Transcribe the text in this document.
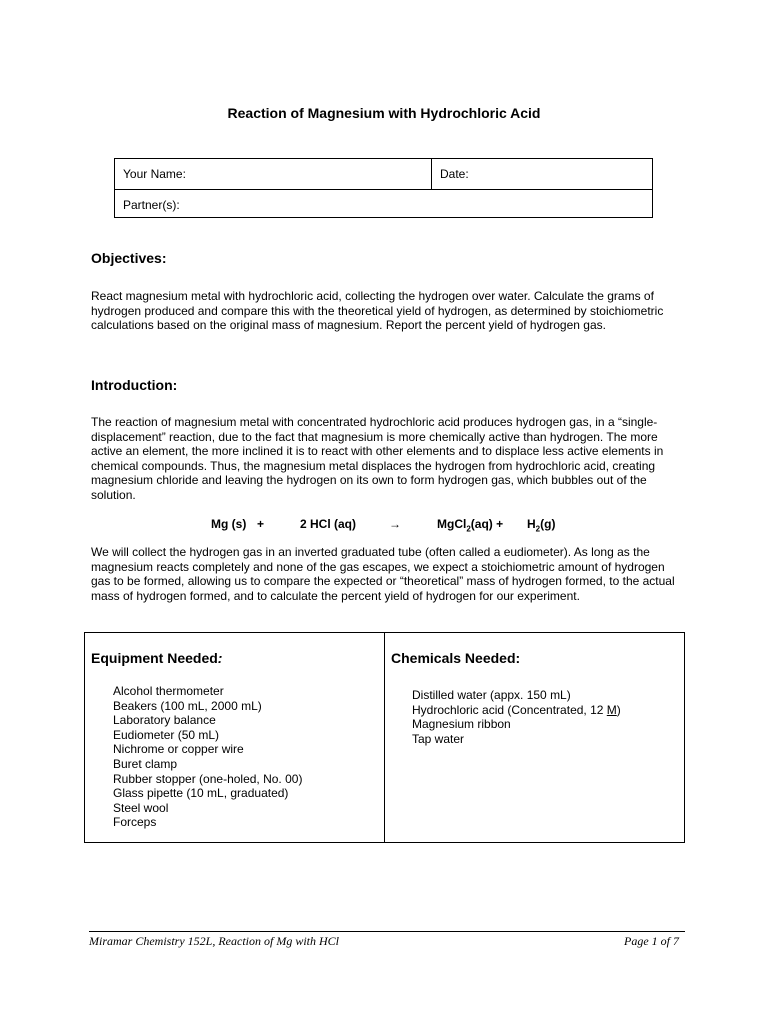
Reaction of Magnesium with Hydrochloric Acid
Your Name:	Date:
Partner(s):
Objectives:
React magnesium metal with hydrochloric acid, collecting the hydrogen over water. Calculate the grams of hydrogen produced and compare this with the theoretical yield of hydrogen, as determined by stoichiometric calculations based on the original mass of magnesium. Report the percent yield of hydrogen gas.
Introduction:
The reaction of magnesium metal with concentrated hydrochloric acid produces hydrogen gas, in a “single-displacement” reaction, due to the fact that magnesium is more chemically active than hydrogen. The more active an element, the more inclined it is to react with other elements and to displace less active elements in chemical compounds. Thus, the magnesium metal displaces the hydrogen from hydrochloric acid, creating magnesium chloride and leaving the hydrogen on its own to form hydrogen gas, which bubbles out of the solution.
Mg (s) +	2 HCl (aq)	→	MgCl$_2$(aq) + $H_2(g)$
We will collect the hydrogen gas in an inverted graduated tube (often called a eudiometer). As long as the magnesium reacts completely and none of the gas escapes, we expect a stoichiometric amount of hydrogen gas to be formed, allowing us to compare the expected or “theoretical” mass of hydrogen formed, to the actual mass of hydrogen formed, and to calculate the percent yield of hydrogen for our experiment.
Equipment Needed:
Alcohol thermometer
Beakers (100 mL, 2000 mL)
Laboratory balance
Eudiometer (50 mL)
Nichrome or copper wire
Buret clamp
Rubber stopper (one-holed, No. 00)
Glass pipette (10 mL, graduated)
Steel wool
Forceps
Chemicals Needed:
Distilled water (appx. 150 mL)
Hydrochloric acid (Concentrated, 12 M)
Magnesium ribbon
Tap water
Miramar Chemistry 152L, Reaction of Mg with HCl	Page 1 of 7
